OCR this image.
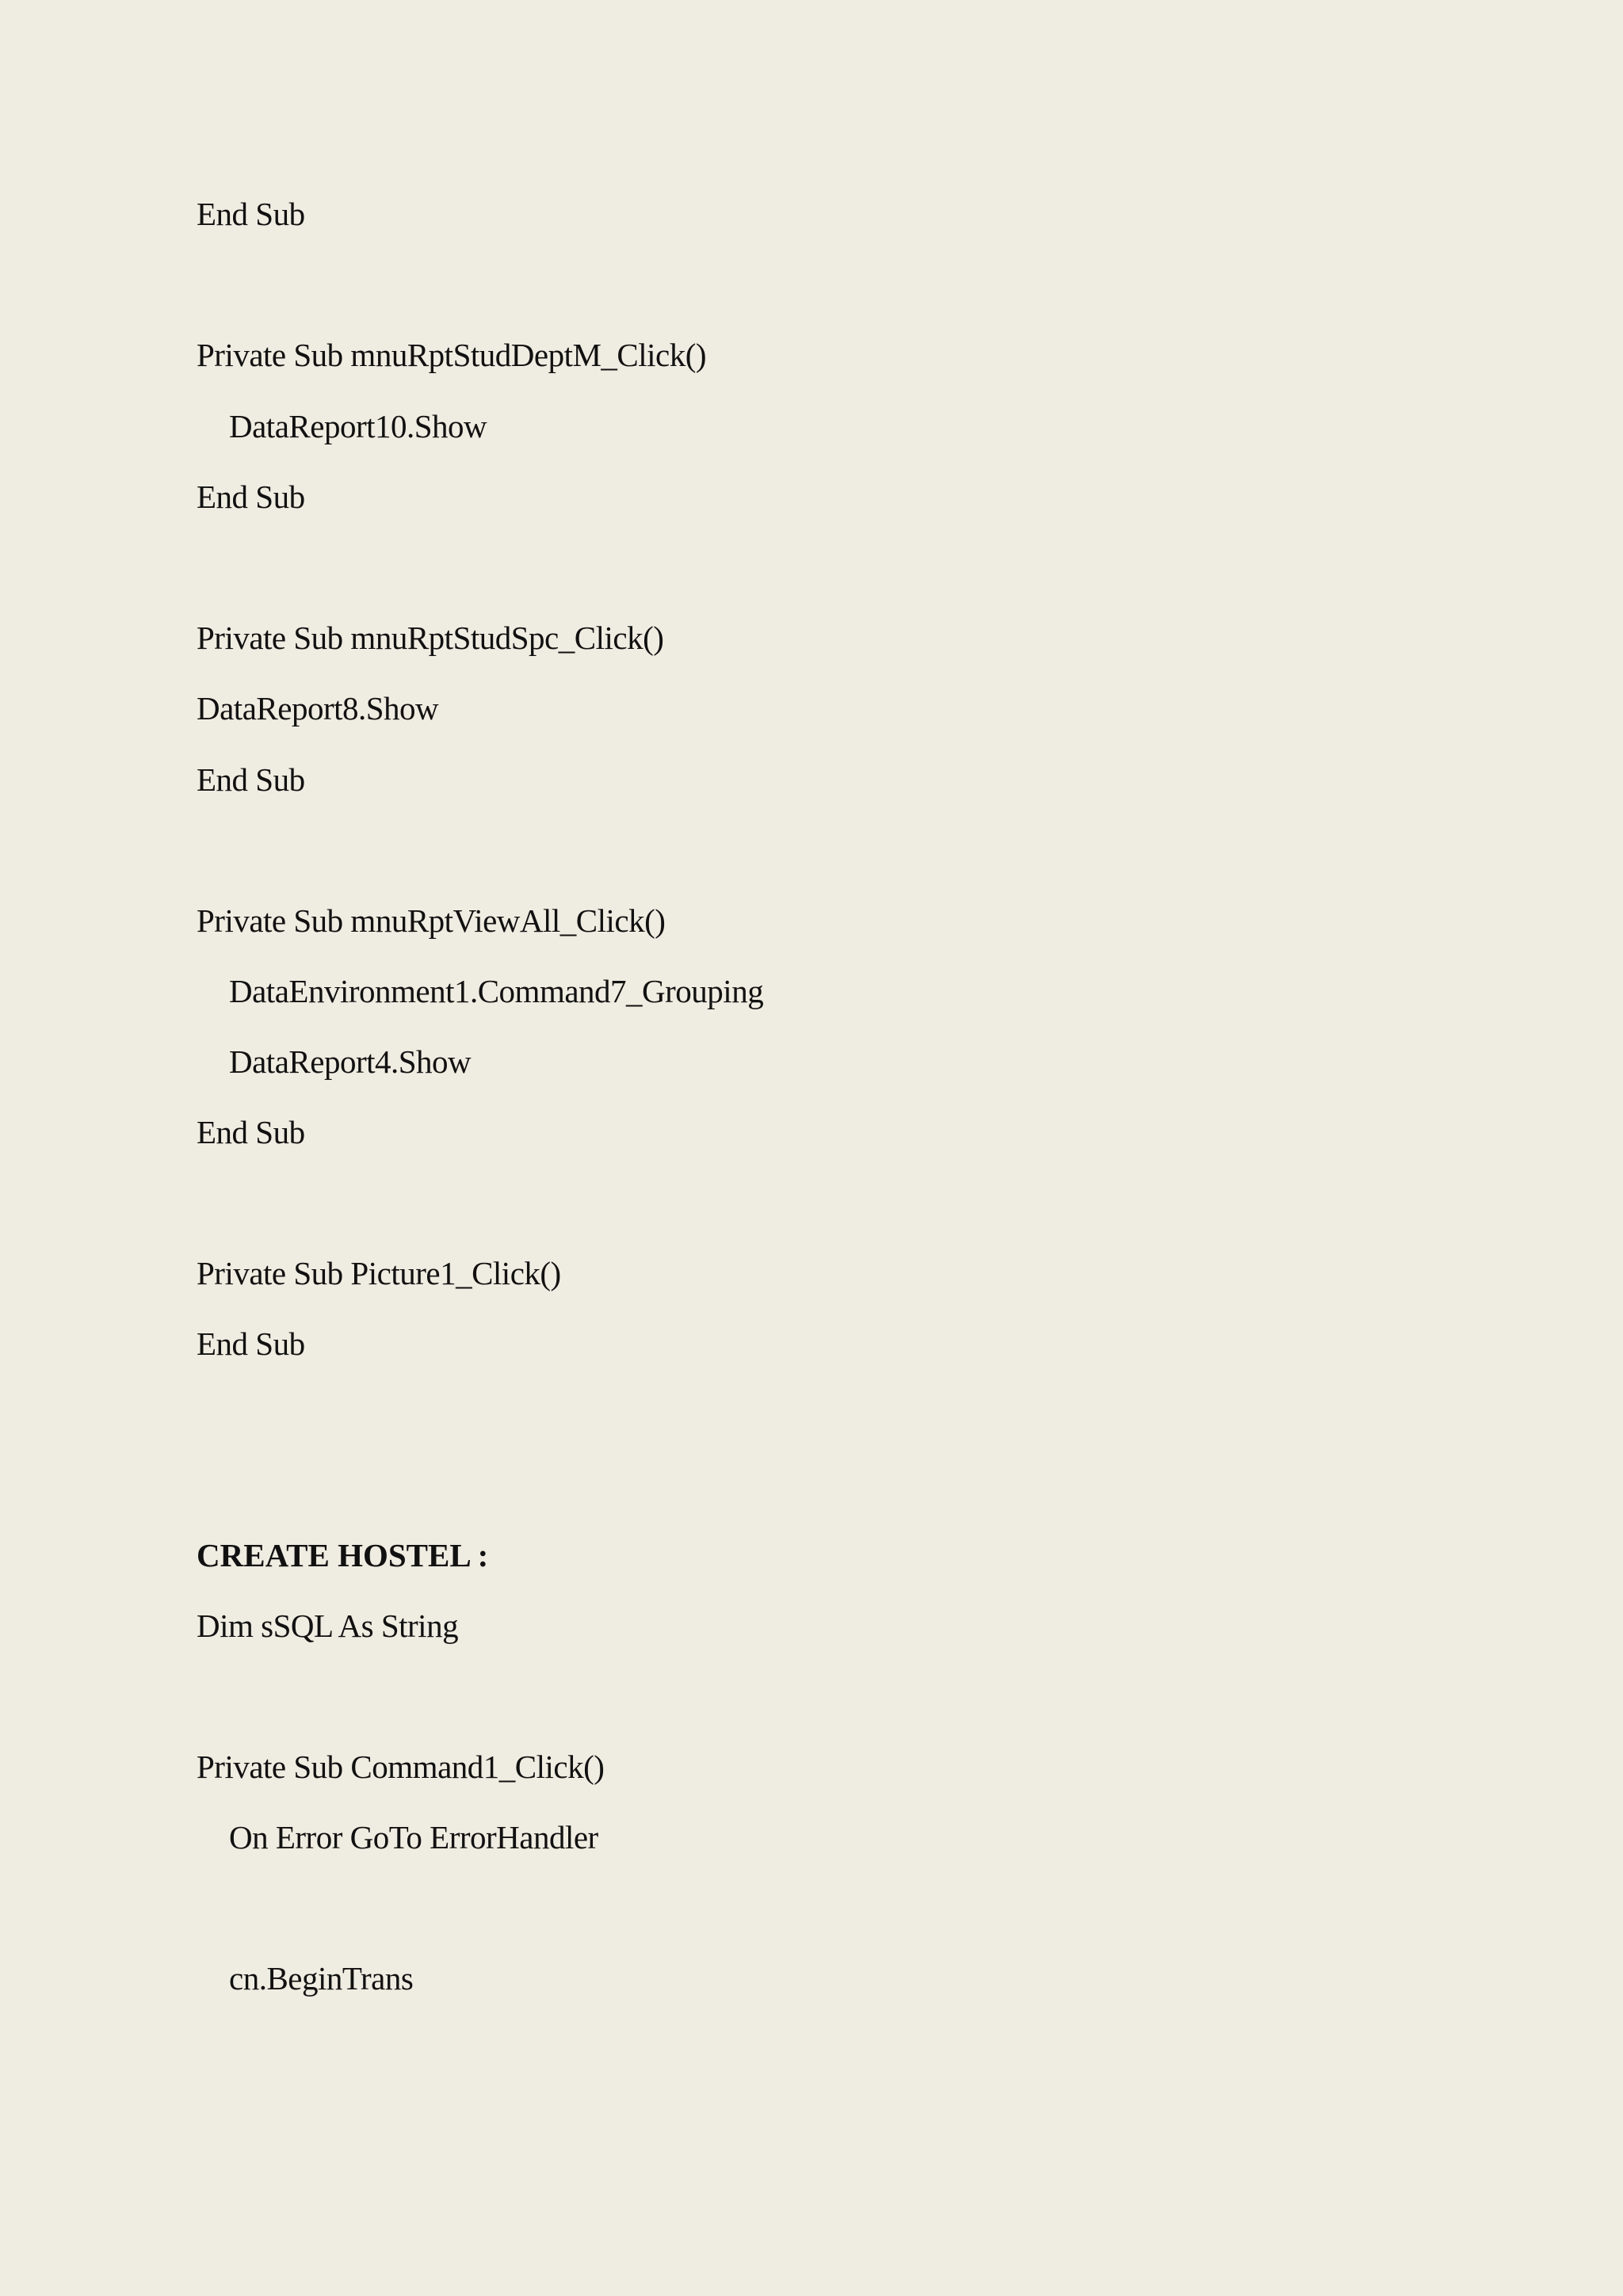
End Sub
Private Sub mnuRptStudDeptM_Click()
DataReport10.Show
End Sub
Private Sub mnuRptStudSpc_Click()
DataReport8.Show
End Sub
Private Sub mnuRptViewAll_Click()
DataEnvironment1.Command7_Grouping
DataReport4.Show
End Sub
Private Sub Picture1_Click()
End Sub
CREATE HOSTEL :
Dim sSQL As String
Private Sub Command1_Click()
On Error GoTo ErrorHandler
cn.BeginTrans
